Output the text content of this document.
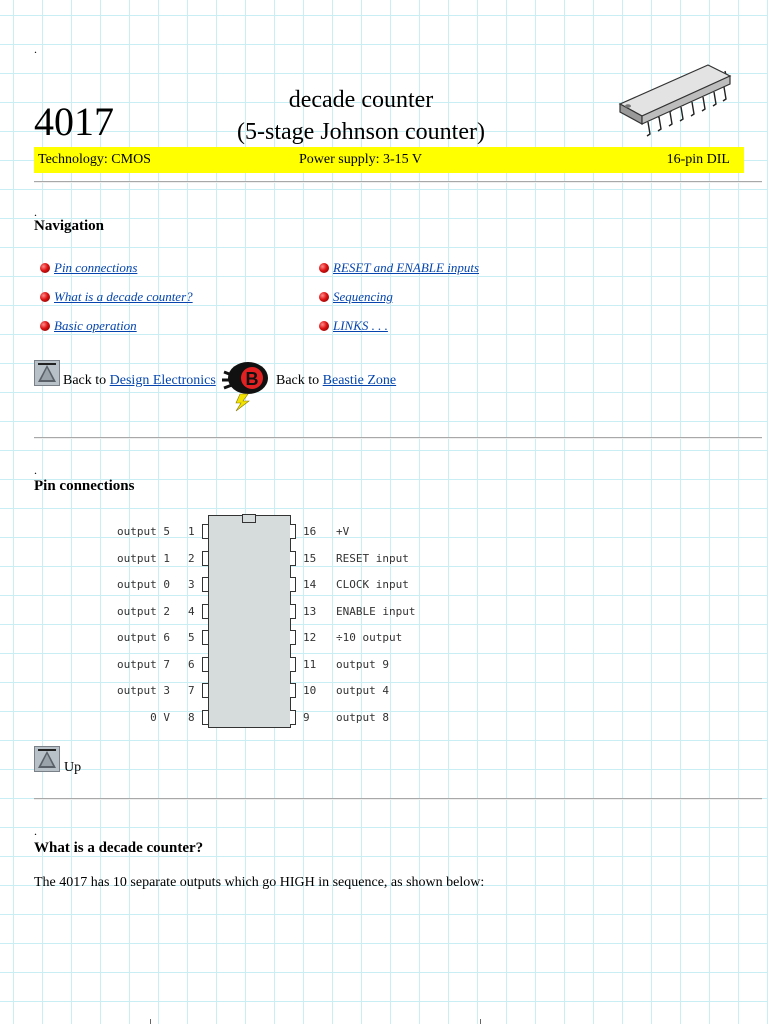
.
4017	decade counter
(5-stage Johnson counter)
Technology: CMOS	Power supply: 3-15 V	16-pin DIL
.
Navigation
Pin connections
What is a decade counter?
Basic operation
RESET and ENABLE inputs
Sequencing
LINKS . . .
Back to Design Electronics B Back to Beastie Zone
.
Pin connections
output 5 1
output 1 2
output 0 3
output 2 4
output 6 5
output 7 6
output 3 7
0 V 8
16 +V
15 RESET input
14 CLOCK input
13 ENABLE input
12 ÷10 output
11 output 9
10 output 4
9 output 8
Up
.
What is a decade counter?
The 4017 has 10 separate outputs which go HIGH in sequence, as shown below:
